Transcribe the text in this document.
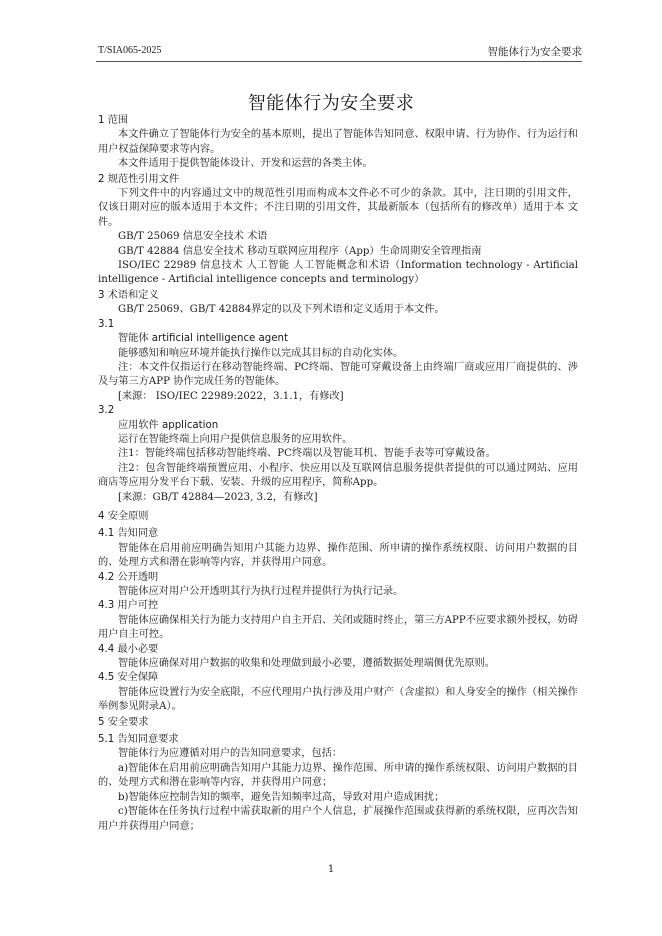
T/SIA065-2025	智能体行为安全要求
智能体行为安全要求
1 范围
本文件确立了智能体行为安全的基本原则，提出了智能体告知同意、权限申请、行为协作、行为运行和用户权益保障要求等内容。
本文件适用于提供智能体设计、开发和运营的各类主体。
2 规范性引用文件
下列文件中的内容通过文中的规范性引用而构成本文件必不可少的条款。其中，注日期的引用文件， 仅该日期对应的版本适用于本文件；不注日期的引用文件，其最新版本（包括所有的修改单）适用于本 文件。
GB/T 25069 信息安全技术 术语
GB/T 42884 信息安全技术 移动互联网应用程序（App）生命周期安全管理指南
ISO/IEC 22989 信息技术 人工智能 人工智能概念和术语（Information technology - Artificial intelligence - Artificial intelligence concepts and terminology）
3 术语和定义
GB/T 25069、GB/T 42884界定的以及下列术语和定义适用于本文件。
3.1
智能体 artificial intelligence agent
能够感知和响应环境并能执行操作以完成其目标的自动化实体。
注：本文件仅指运行在移动智能终端、PC终端、智能可穿戴设备上由终端厂商或应用厂商提供的、涉及与第三方APP 协作完成任务的智能体。
[来源： ISO/IEC 22989:2022，3.1.1，有修改]
3.2
应用软件 application
运行在智能终端上向用户提供信息服务的应用软件。
注1：智能终端包括移动智能终端、PC终端以及智能耳机、智能手表等可穿戴设备。
注2：包含智能终端预置应用、小程序、快应用以及互联网信息服务提供者提供的可以通过网站、应用商店等应用分发平台下载、安装、升级的应用程序，简称App。
[来源：GB/T 42884—2023, 3.2，有修改]
4 安全原则
4.1 告知同意
智能体在启用前应明确告知用户其能力边界、操作范围、所申请的操作系统权限、访问用户数据的目的、处理方式和潜在影响等内容，并获得用户同意。
4.2 公开透明
智能体应对用户公开透明其行为执行过程并提供行为执行记录。
4.3 用户可控
智能体应确保相关行为能力支持用户自主开启、关闭或随时终止，第三方APP不应要求额外授权，妨碍用户自主可控。
4.4 最小必要
智能体应确保对用户数据的收集和处理做到最小必要，遵循数据处理端侧优先原则。
4.5 安全保障
智能体应设置行为安全底限，不应代理用户执行涉及用户财产（含虚拟）和人身安全的操作（相关操作举例参见附录A）。
5 安全要求
5.1 告知同意要求
智能体行为应遵循对用户的告知同意要求，包括：
a)智能体在启用前应明确告知用户其能力边界、操作范围、所申请的操作系统权限、访问用户数据的目的、处理方式和潜在影响等内容，并获得用户同意；
b)智能体应控制告知的频率，避免告知频率过高，导致对用户造成困扰；
c)智能体在任务执行过程中需获取新的用户个人信息，扩展操作范围或获得新的系统权限，应再次告知用户并获得用户同意；
1
